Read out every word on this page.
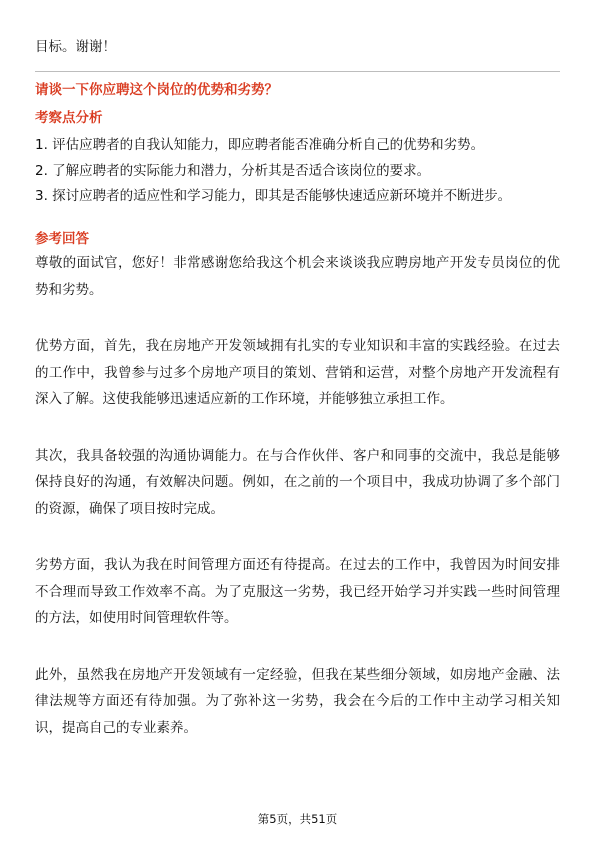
目标。谢谢！
请谈一下你应聘这个岗位的优势和劣势？
考察点分析
1. 评估应聘者的自我认知能力，即应聘者能否准确分析自己的优势和劣势。
2. 了解应聘者的实际能力和潜力，分析其是否适合该岗位的要求。
3. 探讨应聘者的适应性和学习能力，即其是否能够快速适应新环境并不断进步。
参考回答

尊敬的面试官，您好！非常感谢您给我这个机会来谈谈我应聘房地产开发专员岗位的优势和劣势。

优势方面，首先，我在房地产开发领域拥有扎实的专业知识和丰富的实践经验。在过去的工作中，我曾参与过多个房地产项目的策划、营销和运营，对整个房地产开发流程有深入了解。这使我能够迅速适应新的工作环境，并能够独立承担工作。

其次，我具备较强的沟通协调能力。在与合作伙伴、客户和同事的交流中，我总是能够保持良好的沟通，有效解决问题。例如，在之前的一个项目中，我成功协调了多个部门的资源，确保了项目按时完成。

劣势方面，我认为我在时间管理方面还有待提高。在过去的工作中，我曾因为时间安排不合理而导致工作效率不高。为了克服这一劣势，我已经开始学习并实践一些时间管理的方法，如使用时间管理软件等。

此外，虽然我在房地产开发领域有一定经验，但我在某些细分领域，如房地产金融、法律法规等方面还有待加强。为了弥补这一劣势，我会在今后的工作中主动学习相关知识，提高自己的专业素养。

第5页，共51页
